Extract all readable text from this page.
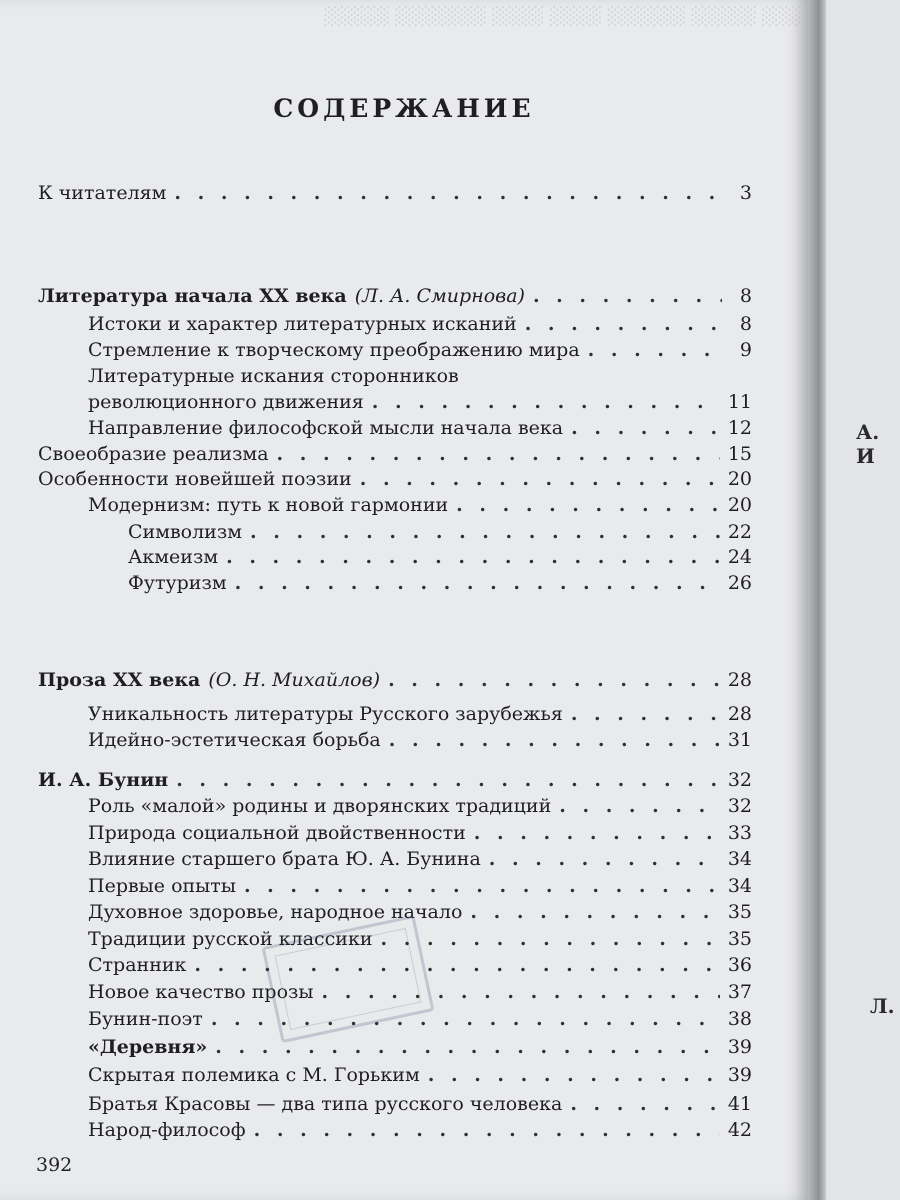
░░░ ░░░░░ ░░░░░░ ░░░░ ░░░░ ░░░░░░░ ░░░░░
СОДЕРЖАНИЕ
К читателям . . .	3
Литература начала XX века (Л. А. Смирнова) . . .	8
Истоки и характер литературных исканий . . .	8
Стремление к творческому преображению мира . . .	9
Литературные искания сторонников
революционного движения . . .	11
Направление философской мысли начала века . . .	12
Своеобразие реализма . . .	15
Особенности новейшей поэзии . . .	20
Модернизм: путь к новой гармонии . . .	20
Символизм . . .	22
Акмеизм . . .	24
Футуризм . . .	26
Проза XX века (О. Н. Михайлов) . . .	28
Уникальность литературы Русского зарубежья . . .	28
Идейно-эстетическая борьба . . .	31
И. А. Бунин . . .	32
Роль «малой» родины и дворянских традиций . . .	32
Природа социальной двойственности . . .	33
Влияние старшего брата Ю. А. Бунина . . .	34
Первые опыты . . .	34
Духовное здоровье, народное начало . . .	35
Традиции русской классики . . .	35
Странник . . .	36
Новое качество прозы . . .	37
Бунин-поэт . . .	38
«Деревня» . . .	39
Скрытая полемика с М. Горьким . . .	39
Братья Красовы — два типа русского человека . . .	41
Народ-философ . . .	42
392
А. И
Л.
